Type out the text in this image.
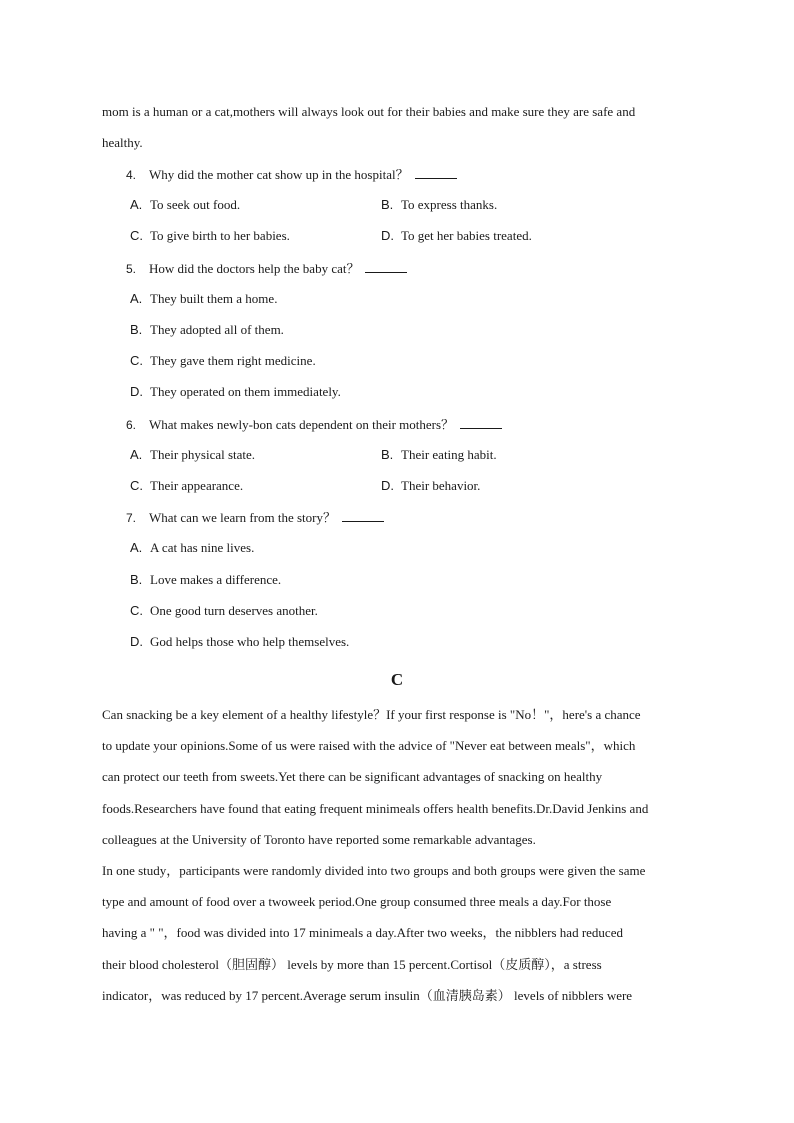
mom is a human or a cat,mothers will always look out for their babies and make sure they are safe and
healthy.
4. Why did the mother cat show up in the hospital？
A. To seek out food.	B. To express thanks.
C. To give birth to her babies.	D. To get her babies treated.
5. How did the doctors help the baby cat？
A. They built them a home.
B. They adopted all of them.
C. They gave them right medicine.
D. They operated on them immediately.
6. What makes newly-bon cats dependent on their mothers？
A. Their physical state.	B. Their eating habit.
C. Their appearance.	D. Their behavior.
7. What can we learn from the story？
A. A cat has nine lives.
B. Love makes a difference.
C. One good turn deserves another.
D. God helps those who help themselves.
C
Can snacking be a key element of a healthy lifestyle？If your first response is "No！"，here's a chance
to update your opinions.Some of us were raised with the advice of "Never eat between meals"，which
can protect our teeth from sweets.Yet there can be significant advantages of snacking on healthy
foods.Researchers have found that eating frequent minimeals offers health benefits.Dr.David Jenkins and
colleagues at the University of Toronto have reported some remarkable advantages.
In one study，participants were randomly divided into two groups and both groups were given the same
type and amount of food over a twoweek period.One group consumed three meals a day.For those
having a " "，food was divided into 17 minimeals a day.After two weeks，the nibblers had reduced
their blood cholesterol（胆固醇） levels by more than 15 percent.Cortisol（皮质醇），a stress
indicator，was reduced by 17 percent.Average serum insulin（血清胰岛素） levels of nibblers were
